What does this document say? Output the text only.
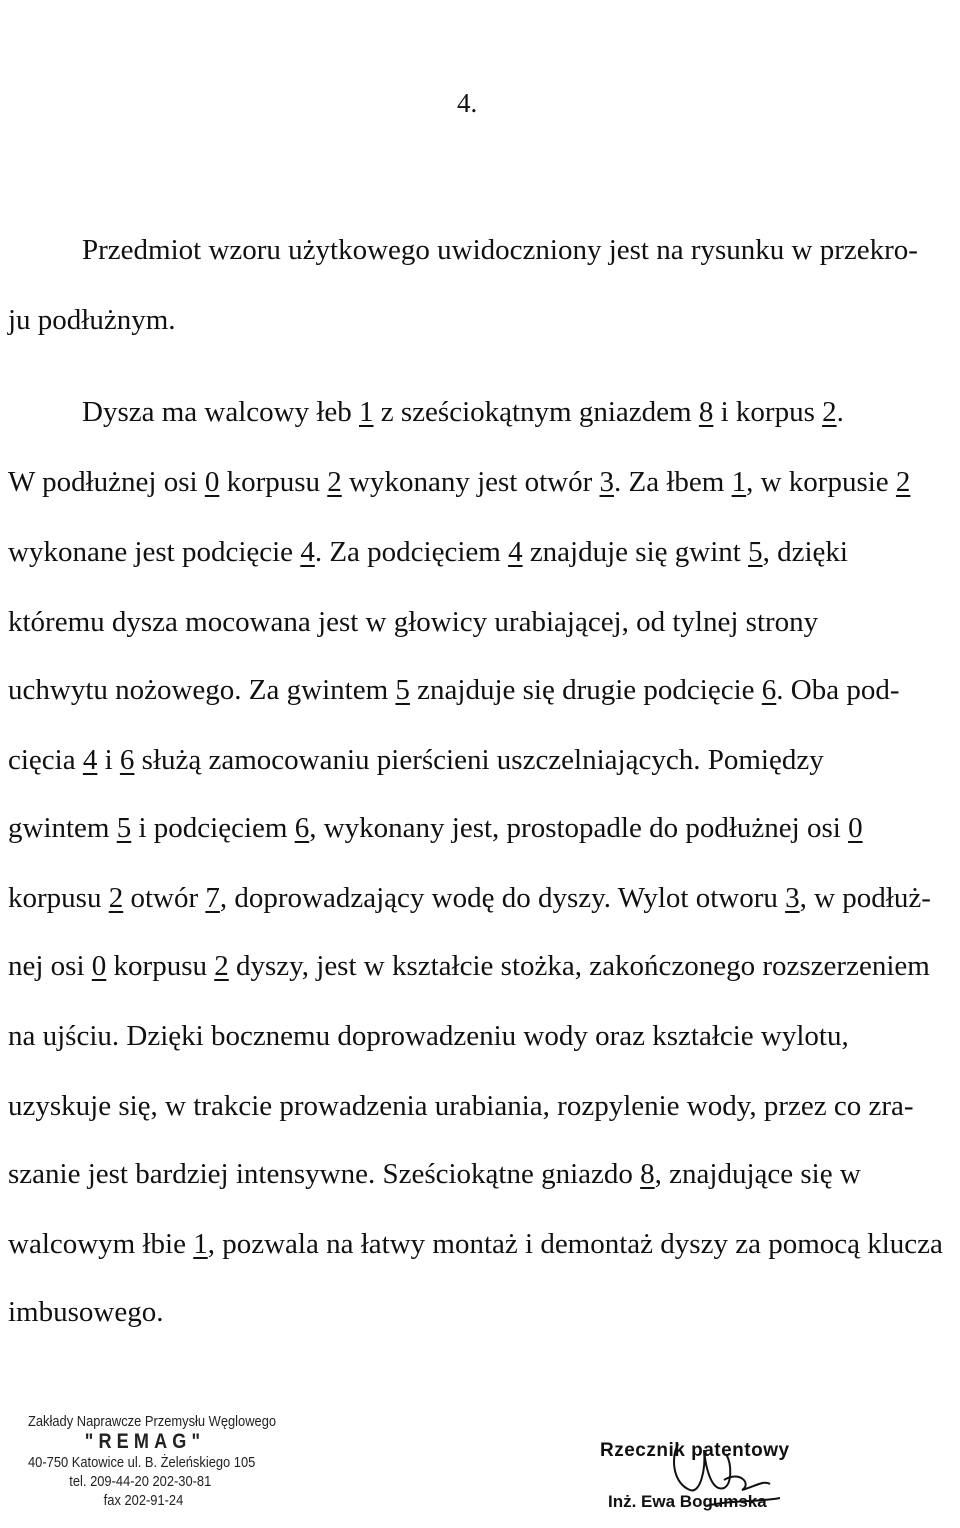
4.
Przedmiot wzoru użytkowego uwidoczniony jest na rysunku w przekro-
ju podłużnym.
Dysza ma walcowy łeb 1 z sześciokątnym gniazdem 8 i korpus 2.
W podłużnej osi 0 korpusu 2 wykonany jest otwór 3. Za łbem 1, w korpusie 2
wykonane jest podcięcie 4. Za podcięciem 4 znajduje się gwint 5, dzięki
któremu dysza mocowana jest w głowicy urabiającej, od tylnej strony
uchwytu nożowego. Za gwintem 5 znajduje się drugie podcięcie 6. Oba pod-
cięcia 4 i 6 służą zamocowaniu pierścieni uszczelniających. Pomiędzy
gwintem 5 i podcięciem 6, wykonany jest, prostopadle do podłużnej osi 0
korpusu 2 otwór 7, doprowadzający wodę do dyszy. Wylot otworu 3, w podłuż-
nej osi 0 korpusu 2 dyszy, jest w kształcie stożka, zakończonego rozszerzeniem
na ujściu. Dzięki bocznemu doprowadzeniu wody oraz kształcie wylotu,
uzyskuje się, w trakcie prowadzenia urabiania, rozpylenie wody, przez co zra-
szanie jest bardziej intensywne. Sześciokątne gniazdo 8, znajdujące się w
walcowym łbie 1, pozwala na łatwy montaż i demontaż dyszy za pomocą klucza
imbusowego.
Zakłady Naprawcze Przemysłu Węglowego
"REMAG"
40-750 Katowice ul. B. Żeleńskiego 105
tel. 209-44-20 202-30-81
fax 202-91-24
Rzecznik patentowy
Inż. Ewa Bogumska
